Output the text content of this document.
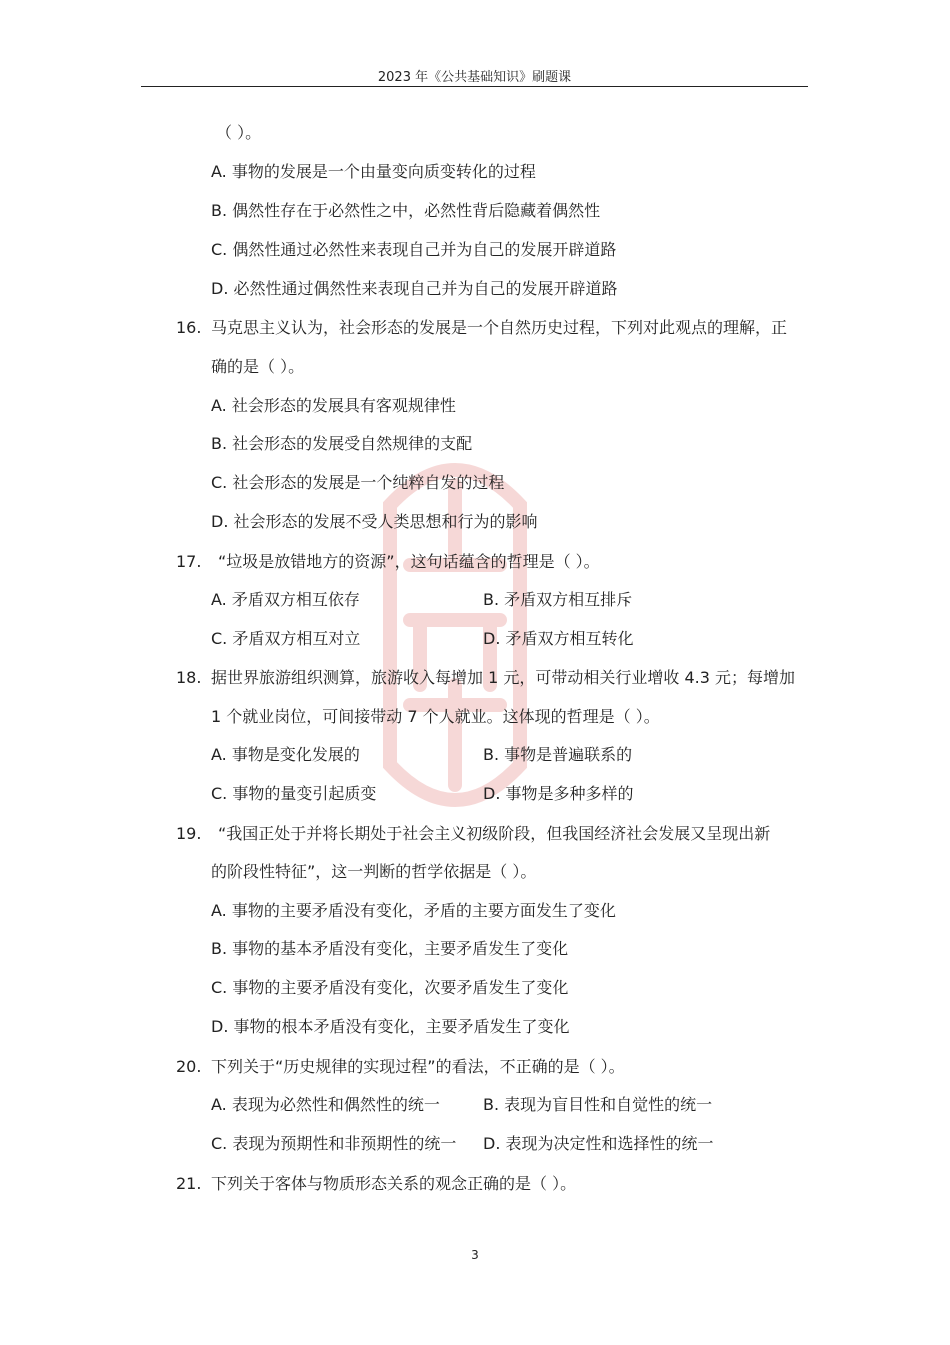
2023 年《公共基础知识》刷题课
（ ）。
A. 事物的发展是一个由量变向质变转化的过程
B. 偶然性存在于必然性之中，必然性背后隐藏着偶然性
C. 偶然性通过必然性来表现自己并为自己的发展开辟道路
D. 必然性通过偶然性来表现自己并为自己的发展开辟道路
16. 马克思主义认为，社会形态的发展是一个自然历史过程，下列对此观点的理解，正
确的是（ ）。
A. 社会形态的发展具有客观规律性
B. 社会形态的发展受自然规律的支配
C. 社会形态的发展是一个纯粹自发的过程
D. 社会形态的发展不受人类思想和行为的影响
17. “垃圾是放错地方的资源”，这句话蕴含的哲理是（ ）。
A. 矛盾双方相互依存	B. 矛盾双方相互排斥
C. 矛盾双方相互对立	D. 矛盾双方相互转化
18. 据世界旅游组织测算，旅游收入每增加 1 元，可带动相关行业增收 4.3 元；每增加
1 个就业岗位，可间接带动 7 个人就业。这体现的哲理是（ ）。
A. 事物是变化发展的	B. 事物是普遍联系的
C. 事物的量变引起质变	D. 事物是多种多样的
19. “我国正处于并将长期处于社会主义初级阶段，但我国经济社会发展又呈现出新
的阶段性特征”，这一判断的哲学依据是（ ）。
A. 事物的主要矛盾没有变化，矛盾的主要方面发生了变化
B. 事物的基本矛盾没有变化，主要矛盾发生了变化
C. 事物的主要矛盾没有变化，次要矛盾发生了变化
D. 事物的根本矛盾没有变化，主要矛盾发生了变化
20. 下列关于“历史规律的实现过程”的看法，不正确的是（ ）。
A. 表现为必然性和偶然性的统一	B. 表现为盲目性和自觉性的统一
C. 表现为预期性和非预期性的统一 D. 表现为决定性和选择性的统一
21. 下列关于客体与物质形态关系的观念正确的是（ ）。
3
